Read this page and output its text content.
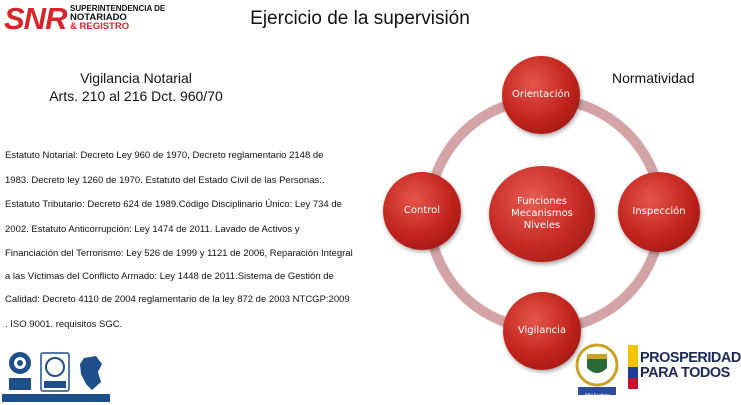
SNR SUPERINTENDENCIA DE
NOTARIADO
& REGISTRO	Ejercicio de la supervisión
Vigilancia Notarial
Arts. 210 al 216 Dct. 960/70
Estatuto Notarial: Decreto Ley 960 de 1970, Decreto reglamentario 2148 de
1983. Decreto ley 1260 de 1970. Estatuto del Estado Civil de las Personas:.
Estatuto Tributario: Decreto 624 de 1989.Código Disciplinario Único: Ley 734 de
2002. Estatuto Anticorrupción: Ley 1474 de 2011. Lavado de Activos y
Financiación del Terrorismo: Ley 526 de 1999 y 1121 de 2006, Reparación Integral
a las Víctimas del Conflicto Armado: Ley 1448 de 2011.Sistema de Gestión de
Calidad: Decreto 4110 de 2004 reglamentario de la ley 872 de 2003 NTCGP:2009
. ISO 9001. requisitos SGC.
Normatividad
Orientación
Control	Inspección
Vigilancia
Funciones
Mecanismos
Niveles
MinJusticia
PROSPERIDAD
PARA TODOS
